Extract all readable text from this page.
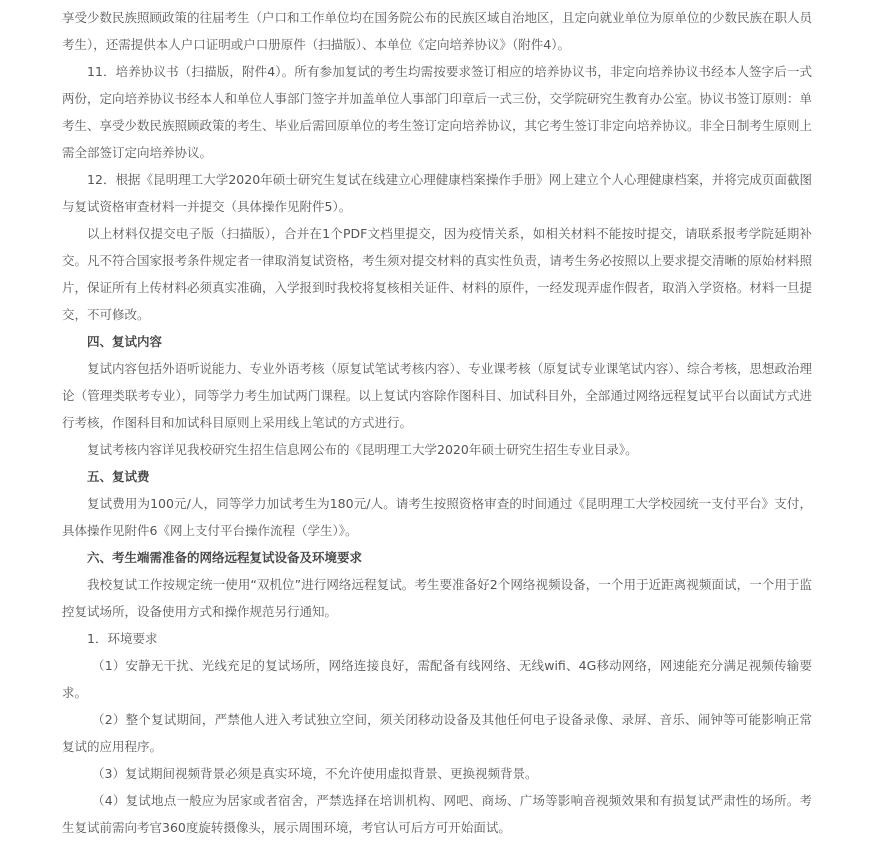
享受少数民族照顾政策的往届考生（户口和工作单位均在国务院公布的民族区域自治地区，且定向就业单位为原单位的少数民族在职人员考生），还需提供本人户口证明或户口册原件（扫描版）、本单位《定向培养协议》（附件4）。

11．培养协议书（扫描版，附件4）。所有参加复试的考生均需按要求签订相应的培养协议书，非定向培养协议书经本人签字后一式两份，定向培养协议书经本人和单位人事部门签字并加盖单位人事部门印章后一式三份，交学院研究生教育办公室。协议书签订原则：单考生、享受少数民族照顾政策的考生、毕业后需回原单位的考生签订定向培养协议，其它考生签订非定向培养协议。非全日制考生原则上需全部签订定向培养协议。

12．根据《昆明理工大学2020年硕士研究生复试在线建立心理健康档案操作手册》网上建立个人心理健康档案，并将完成页面截图与复试资格审查材料一并提交（具体操作见附件5）。

以上材料仅提交电子版（扫描版），合并在1个PDF文档里提交，因为疫情关系，如相关材料不能按时提交，请联系报考学院延期补交。凡不符合国家报考条件规定者一律取消复试资格，考生须对提交材料的真实性负责，请考生务必按照以上要求提交清晰的原始材料照片，保证所有上传材料必须真实准确，入学报到时我校将复核相关证件、材料的原件，一经发现弄虚作假者，取消入学资格。材料一旦提交，不可修改。

四、复试内容

复试内容包括外语听说能力、专业外语考核（原复试笔试考核内容）、专业课考核（原复试专业课笔试内容）、综合考核，思想政治理论（管理类联考专业），同等学力考生加试两门课程。以上复试内容除作图科目、加试科目外，全部通过网络远程复试平台以面试方式进行考核，作图科目和加试科目原则上采用线上笔试的方式进行。

复试考核内容详见我校研究生招生信息网公布的《昆明理工大学2020年硕士研究生招生专业目录》。

五、复试费

复试费用为100元/人，同等学力加试考生为180元/人。请考生按照资格审查的时间通过《昆明理工大学校园统一支付平台》支付，具体操作见附件6《网上支付平台操作流程（学生）》。

六、考生端需准备的网络远程复试设备及环境要求

我校复试工作按规定统一使用“双机位”进行网络远程复试。考生要准备好2个网络视频设备，一个用于近距离视频面试，一个用于监控复试场所，设备使用方式和操作规范另行通知。

1．环境要求

（1）安静无干扰、光线充足的复试场所，网络连接良好，需配备有线网络、无线wifi、4G移动网络，网速能充分满足视频传输要求。

（2）整个复试期间，严禁他人进入考试独立空间，须关闭移动设备及其他任何电子设备录像、录屏、音乐、闹钟等可能影响正常复试的应用程序。

（3）复试期间视频背景必须是真实环境，不允许使用虚拟背景、更换视频背景。

（4）复试地点一般应为居家或者宿舍，严禁选择在培训机构、网吧、商场、广场等影响音视频效果和有损复试严肃性的场所。考生复试前需向考官360度旋转摄像头，展示周围环境，考官认可后方可开始面试。
